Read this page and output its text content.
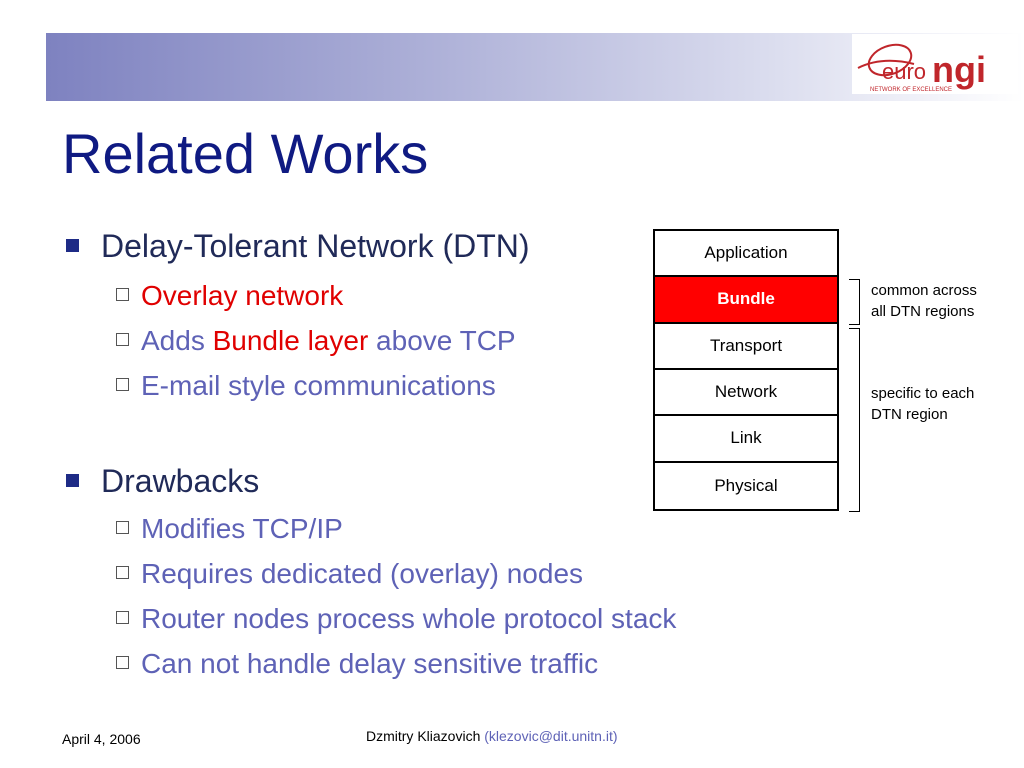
euro ngi
NETWORK OF EXCELLENCE
Related Works
Delay-Tolerant Network (DTN)
Overlay network
Adds Bundle layer above TCP
E-mail style communications
Drawbacks
Modifies TCP/IP
Requires dedicated (overlay) nodes
Router nodes process whole protocol stack
Can not handle delay sensitive traffic
Application
Bundle
Transport
Network
Link
Physical
common across
all DTN regions
specific to each
DTN region
April 4, 2006	Dzmitry Kliazovich (klezovic@dit.unitn.it)
